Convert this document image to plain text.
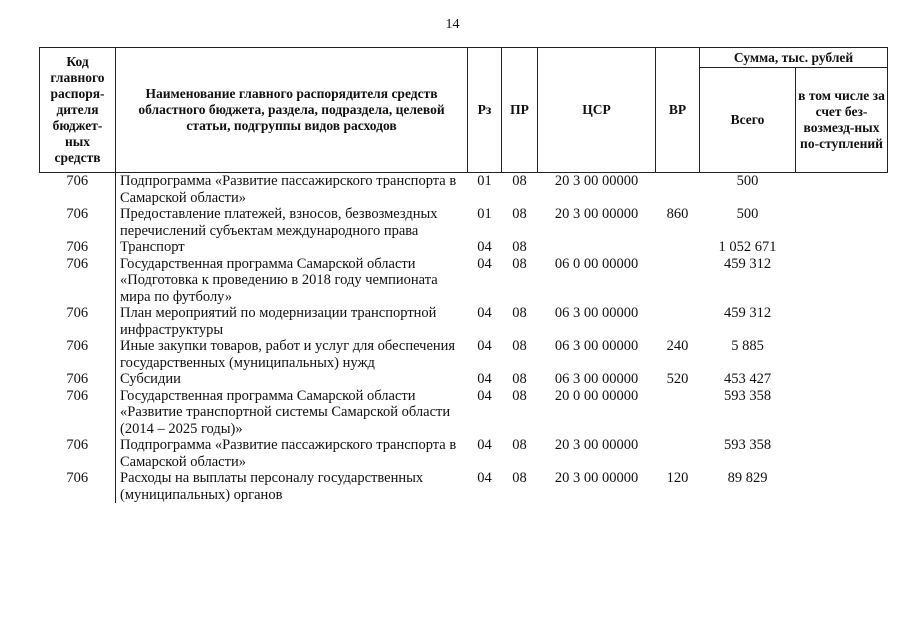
14
Код главного распоря-дителя бюджет-ных средств	Наименование главного распорядителя средств областного бюджета, раздела, подраздела, целевой статьи, подгруппы видов расходов	Рз	ПР	ЦСР	ВР	Сумма, тыс. рублей	
						Всего	в том числе за счет без-возмезд-ных по-ступлений
706	Подпрограмма «Развитие пассажирского транспорта в Самарской области»	01	08	20 3 00 00000		500	
706	Предоставление платежей, взносов, безвозмездных перечислений субъектам международного права	01	08	20 3 00 00000	860	500	
706	Транспорт	04	08			1 052 671	
706	Государственная программа Самарской области «Подготовка к проведению в 2018 году чемпионата мира по футболу»	04	08	06 0 00 00000		459 312	
706	План мероприятий по модернизации транспортной инфраструктуры	04	08	06 3 00 00000		459 312	
706	Иные закупки товаров, работ и услуг для обеспечения государственных (муниципальных) нужд	04	08	06 3 00 00000	240	5 885	
706	Субсидии	04	08	06 3 00 00000	520	453 427	
706	Государственная программа Самарской области «Развитие транспортной системы Самарской области (2014 – 2025 годы)»	04	08	20 0 00 00000		593 358	
706	Подпрограмма «Развитие пассажирского транспорта в Самарской области»	04	08	20 3 00 00000		593 358	
706	Расходы на выплаты персоналу государственных (муниципальных) органов	04	08	20 3 00 00000	120	89 829	
